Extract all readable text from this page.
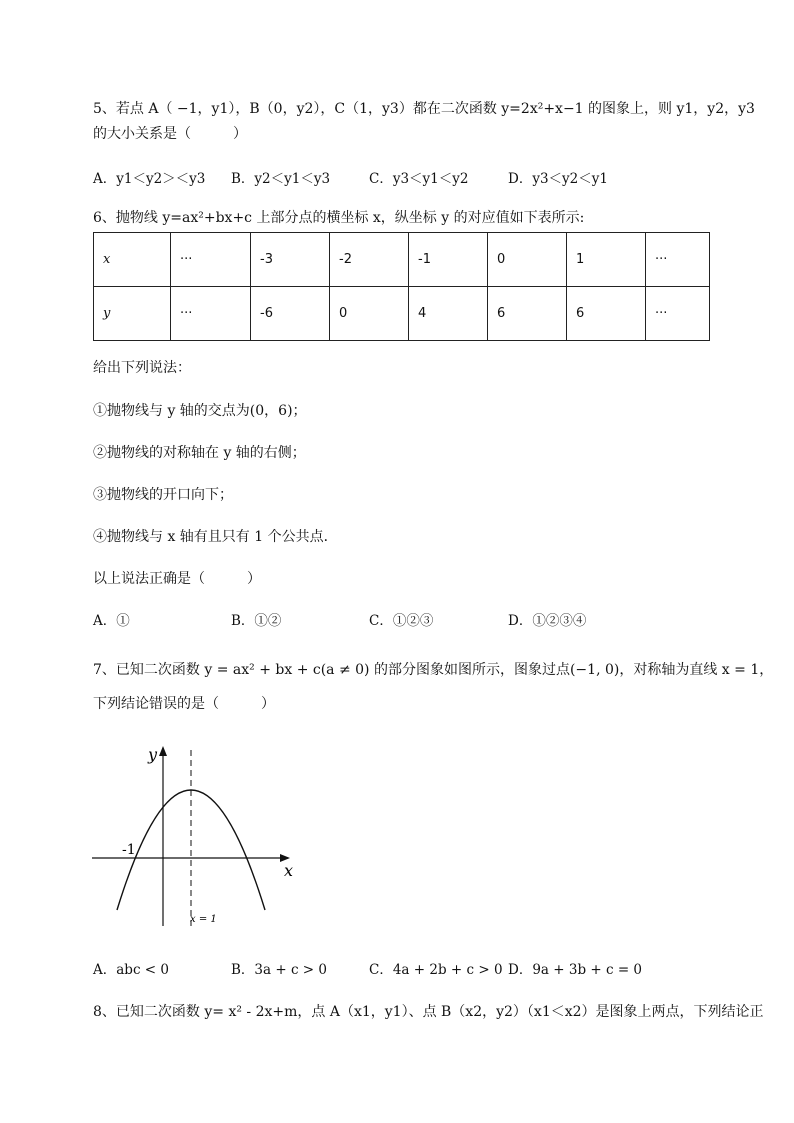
5、若点 A（ −1，y1），B（0，y2），C（1，y3）都在二次函数 y=2x²+x−1 的图象上，则 y1，y2，y3
的大小关系是（　　　）
A．y1＜y2＞＜y3 B．y2＜y1＜y3	C．y3＜y1＜y2	D．y3＜y2＜y1
6、抛物线 y=ax²+bx+c 上部分点的横坐标 x，纵坐标 y 的对应值如下表所示:
x	···	-3	-2	-1	0	1	···
y	···	-6	0	4	6	6	···
给出下列说法：
①抛物线与 y 轴的交点为(0，6)；
②抛物线的对称轴在 y 轴的右侧；
③抛物线的开口向下；
④抛物线与 x 轴有且只有 1 个公共点．
以上说法正确是（　　　）
A．①	B．①②	C．①②③	D．①②③④
7、已知二次函数 y = ax² + bx + c(a ≠ 0) 的部分图象如图所示，图象过点(−1, 0)，对称轴为直线 x = 1，
下列结论错误的是（　　　）
y
x
-1
x = 1
A．abc < 0	B．3a + c > 0	C．4a + 2b + c > 0 D．9a + 3b + c = 0
8、已知二次函数 y= x² - 2x+m，点 A（x1，y1）、点 B（x2，y2）（x1＜x2）是图象上两点，下列结论正
